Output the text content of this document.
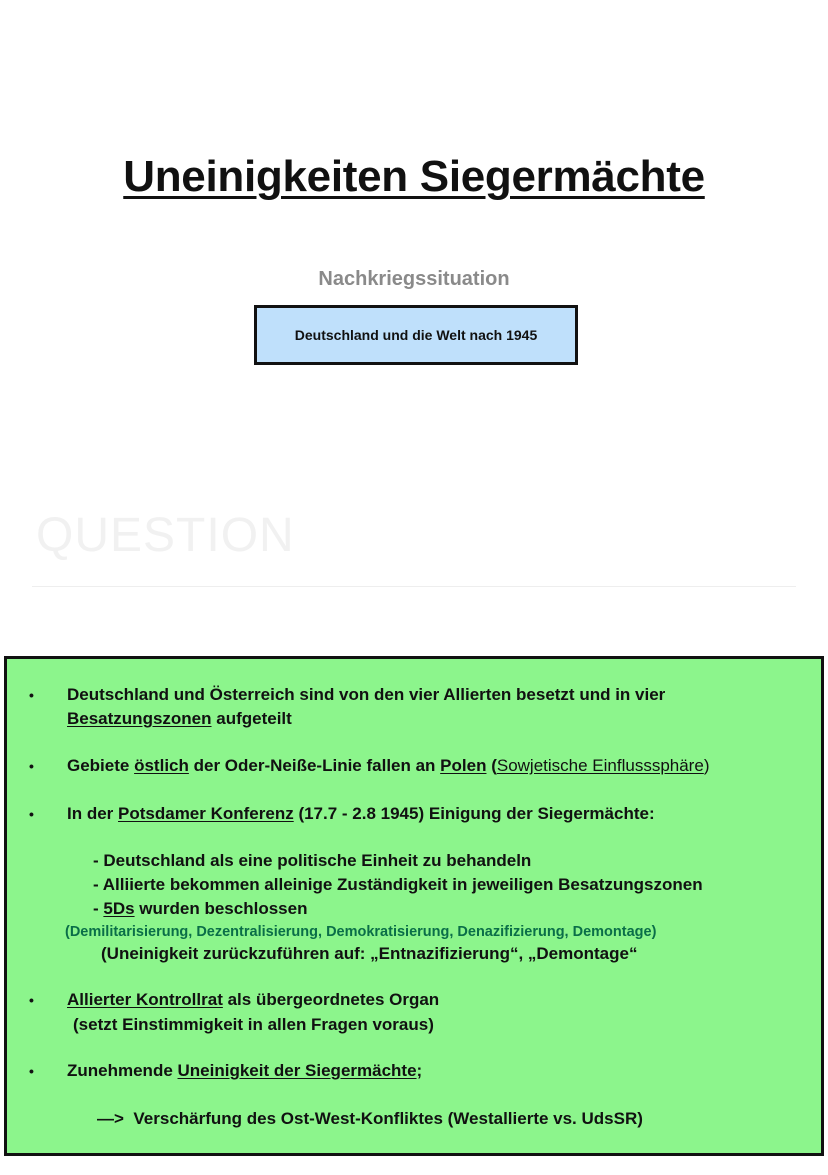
Uneinigkeiten Siegermächte
Nachkriegssituation
Deutschland und die Welt nach 1945
QUESTION
• Deutschland und Österreich sind von den vier Allierten besetzt und in vier
Besatzungszonen aufgeteilt
• Gebiete östlich der Oder-Neiße-Linie fallen an Polen (Sowjetische Einflusssphäre)
• In der Potsdamer Konferenz (17.7 - 2.8 1945) Einigung der Siegermächte:
- Deutschland als eine politische Einheit zu behandeln
- Alliierte bekommen alleinige Zuständigkeit in jeweiligen Besatzungszonen
- 5Ds wurden beschlossen
(Demilitarisierung, Dezentralisierung, Demokratisierung, Denazifizierung, Demontage)
(Uneinigkeit zurückzuführen auf: „Entnazifizierung“, „Demontage“
• Allierter Kontrollrat als übergeordnetes Organ
(setzt Einstimmigkeit in allen Fragen voraus)
• Zunehmende Uneinigkeit der Siegermächte;
—> Verschärfung des Ost-West-Konfliktes (Westallierte vs. UdsSR)
